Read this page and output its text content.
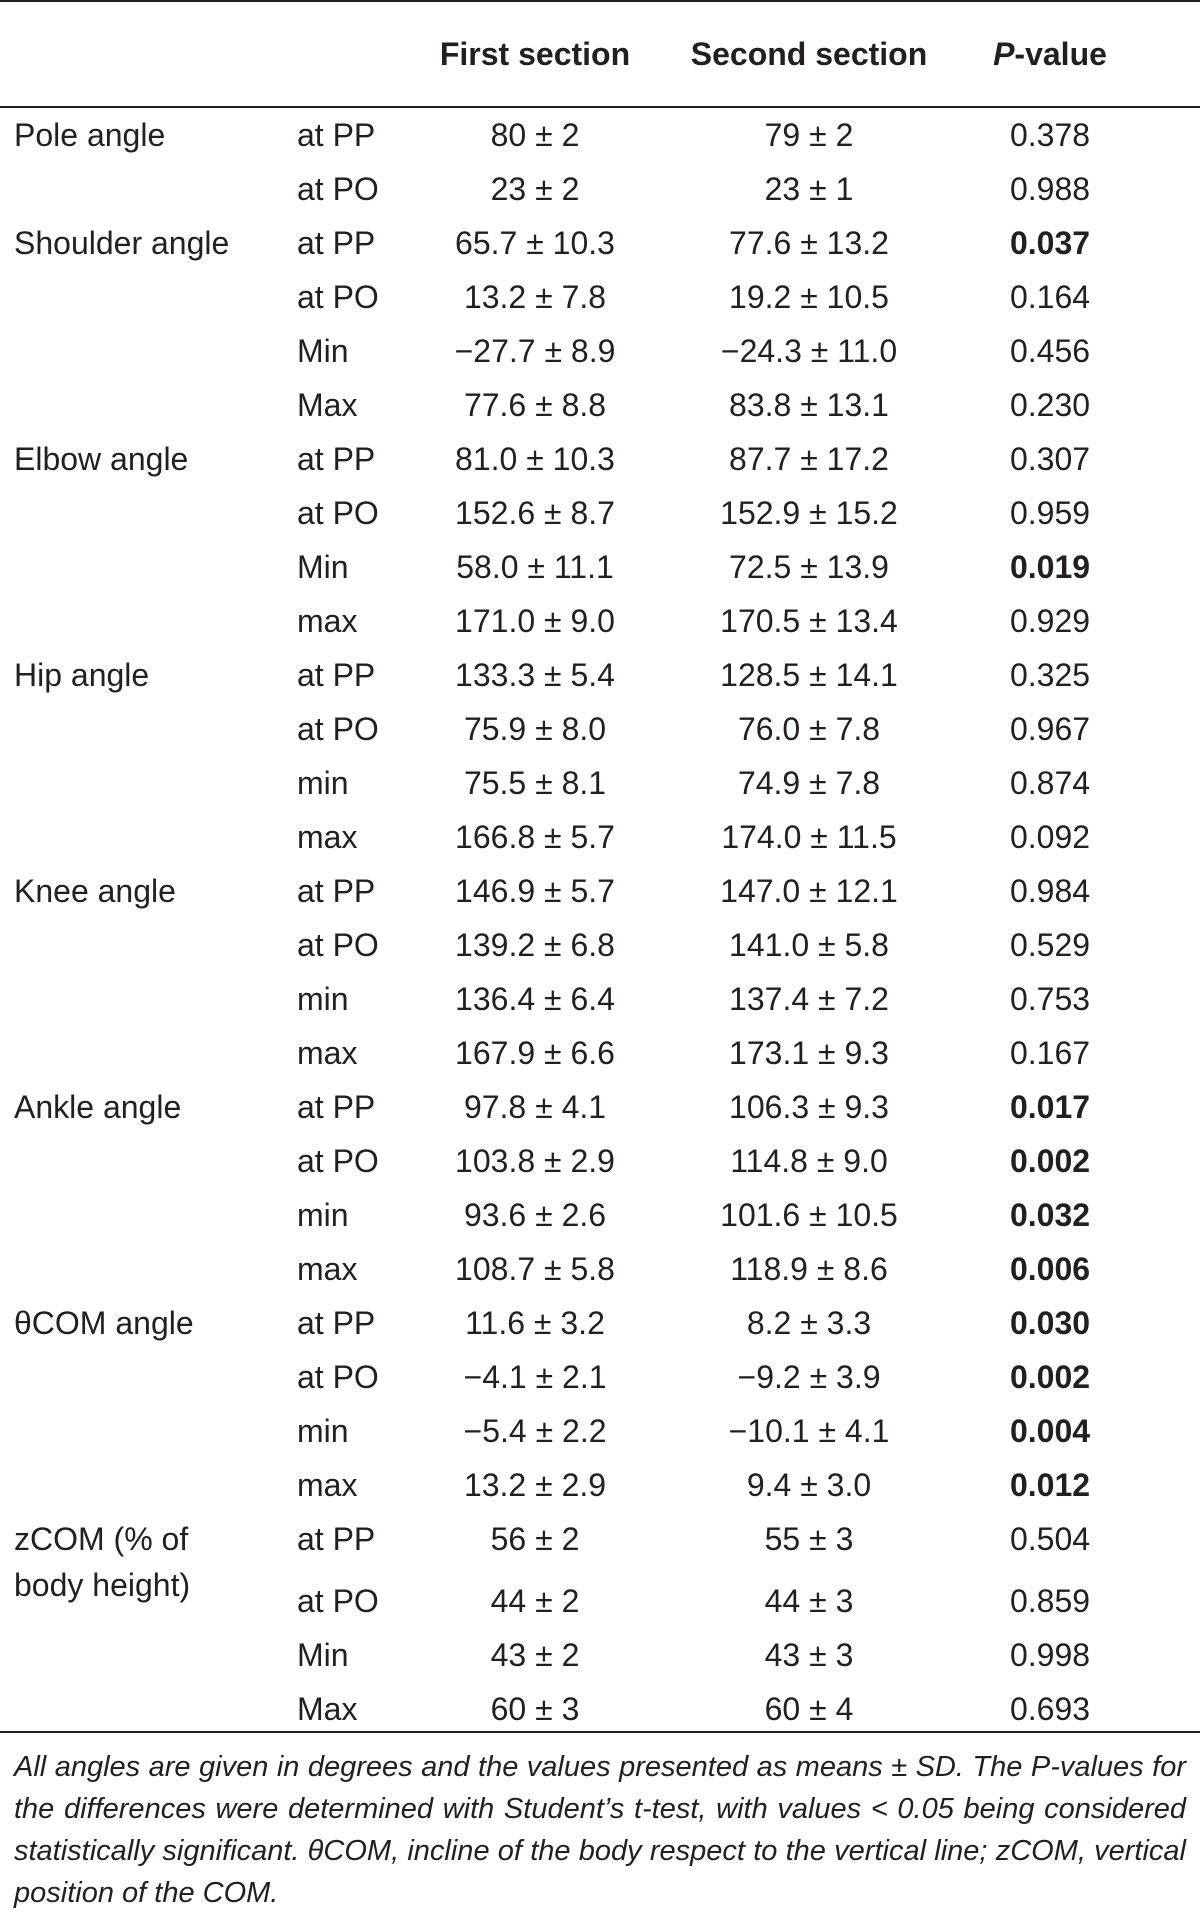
First section	Second section	P-value
Pole angle	at PP	80 ± 2	79 ± 2	0.378
at PO	23 ± 2	23 ± 1	0.988
Shoulder angle at PP	65.7 ± 10.3	77.6 ± 13.2	0.037
at PO	13.2 ± 7.8	19.2 ± 10.5	0.164
Min	−27.7 ± 8.9	−24.3 ± 11.0	0.456
Max	77.6 ± 8.8	83.8 ± 13.1	0.230
Elbow angle	at PP	81.0 ± 10.3	87.7 ± 17.2	0.307
at PO	152.6 ± 8.7	152.9 ± 15.2	0.959
Min	58.0 ± 11.1	72.5 ± 13.9	0.019
max	171.0 ± 9.0	170.5 ± 13.4	0.929
Hip angle	at PP	133.3 ± 5.4	128.5 ± 14.1	0.325
at PO	75.9 ± 8.0	76.0 ± 7.8	0.967
min	75.5 ± 8.1	74.9 ± 7.8	0.874
max	166.8 ± 5.7	174.0 ± 11.5	0.092
Knee angle	at PP	146.9 ± 5.7	147.0 ± 12.1	0.984
at PO	139.2 ± 6.8	141.0 ± 5.8	0.529
min	136.4 ± 6.4	137.4 ± 7.2	0.753
max	167.9 ± 6.6	173.1 ± 9.3	0.167
Ankle angle	at PP	97.8 ± 4.1	106.3 ± 9.3	0.017
at PO	103.8 ± 2.9	114.8 ± 9.0	0.002
min	93.6 ± 2.6	101.6 ± 10.5	0.032
max	108.7 ± 5.8	118.9 ± 8.6	0.006
θCOM angle	at PP	11.6 ± 3.2	8.2 ± 3.3	0.030
at PO	−4.1 ± 2.1	−9.2 ± 3.9	0.002
min	−5.4 ± 2.2	−10.1 ± 4.1	0.004
max	13.2 ± 2.9	9.4 ± 3.0	0.012
zCOM (% of body height)
at PP	56 ± 2	55 ± 3	0.504
at PO	44 ± 2	44 ± 3	0.859
Min	43 ± 2	43 ± 3	0.998
Max	60 ± 3	60 ± 4	0.693
All angles are given in degrees and the values presented as means ± SD. The P-values for the differences were determined with Student’s t-test, with values < 0.05 being considered statistically significant. θCOM, incline of the body respect to the vertical line; zCOM, vertical position of the COM.
